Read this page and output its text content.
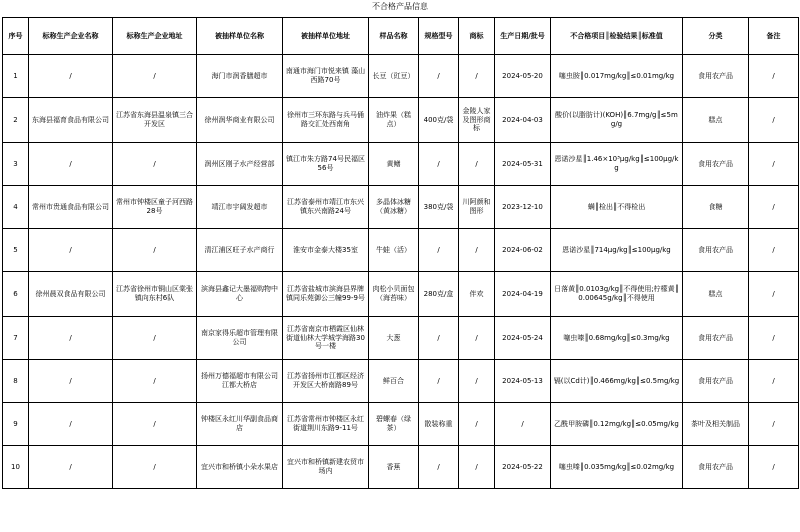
不合格产品信息
序号	标称生产企业名称	标称生产企业地址	被抽样单位名称	被抽样单位地址	样品名称	规格型号	商标	生产日期/批号	不合格项目║检验结果║标准值	分类	备注
1	/	/	海门市润香膳超市	南通市海门市悦来镇 藻山西路70号	长豆（豇豆）	/	/	2024-05-20	噻虫胺║0.017mg/kg║≤0.01mg/kg	食用农产品	/
2	东海县福育食品有限公司	江苏省东海县温泉镇三合开发区	徐州润华商业有限公司	徐州市三环东路与兵马俑路交汇处西南角	油炸果（糕点）	400克/袋	金陵人家及图形商标	2024-04-03	酸价(以脂肪计)(KOH)║6.7mg/g║≤5mg/g	糕点	/
3	/	/	润州区刚子水产经营部	镇江市朱方路74号民福区56号	黄鳝	/	/	2024-05-31	恩诺沙星║1.46×10³μg/kg║≤100μg/kg	食用农产品	/
4	常州市贵通食品有限公司	常州市钟楼区童子河西路28号	靖江市宇阔发超市	江苏省泰州市靖江市东兴镇东兴南路24号	多晶体冰糖（黄冰糖）	380克/袋	川阿颜和图形	2023-12-10	螨║检出║不得检出	食糖	/
5	/	/	清江浦区旺子水产商行	淮安市金泰大楼35室	牛蛙（活）	/	/	2024-06-02	恩诺沙星║714μg/kg║≤100μg/kg	食用农产品	/
6	徐州晨双食品有限公司	江苏省徐州市铜山区棠张镇向东村6队	滨海县鑫记大墨福购物中心	江苏省盐城市滨海县界牌镇同乐苑御公三幢99-9号	肉松小贝面包（海苔味）	280克/盒	伴欢	2024-04-19	日落黄║0.0103g/kg║不得使用;柠檬黄║0.00645g/kg║不得使用	糕点	/
7	/	/	南京家得乐超市管理有限公司	江苏省南京市栖霞区仙林街道仙林大学城学海路30号一楼	大葱	/	/	2024-05-24	噻虫嗪║0.68mg/kg║≤0.3mg/kg	食用农产品	/
8	/	/	扬州万德福超市有限公司江都大桥店	江苏省扬州市江都区经济开发区大桥南路89号	鲜百合	/	/	2024-05-13	镉(以Cd计)║0.466mg/kg║≤0.5mg/kg	食用农产品	/
9	/	/	钟楼区永红川华副食品商店	江苏省常州市钟楼区永红街道荆川东路9-11号	碧螺春（绿茶）	散装称重	/	/	乙酰甲胺磷║0.12mg/kg║≤0.05mg/kg	茶叶及相关制品	/
10	/	/	宜兴市和桥镇小朵水果店	宜兴市和桥镇新建农贸市场内	香蕉	/	/	2024-05-22	噻虫嗪║0.035mg/kg║≤0.02mg/kg	食用农产品	/
